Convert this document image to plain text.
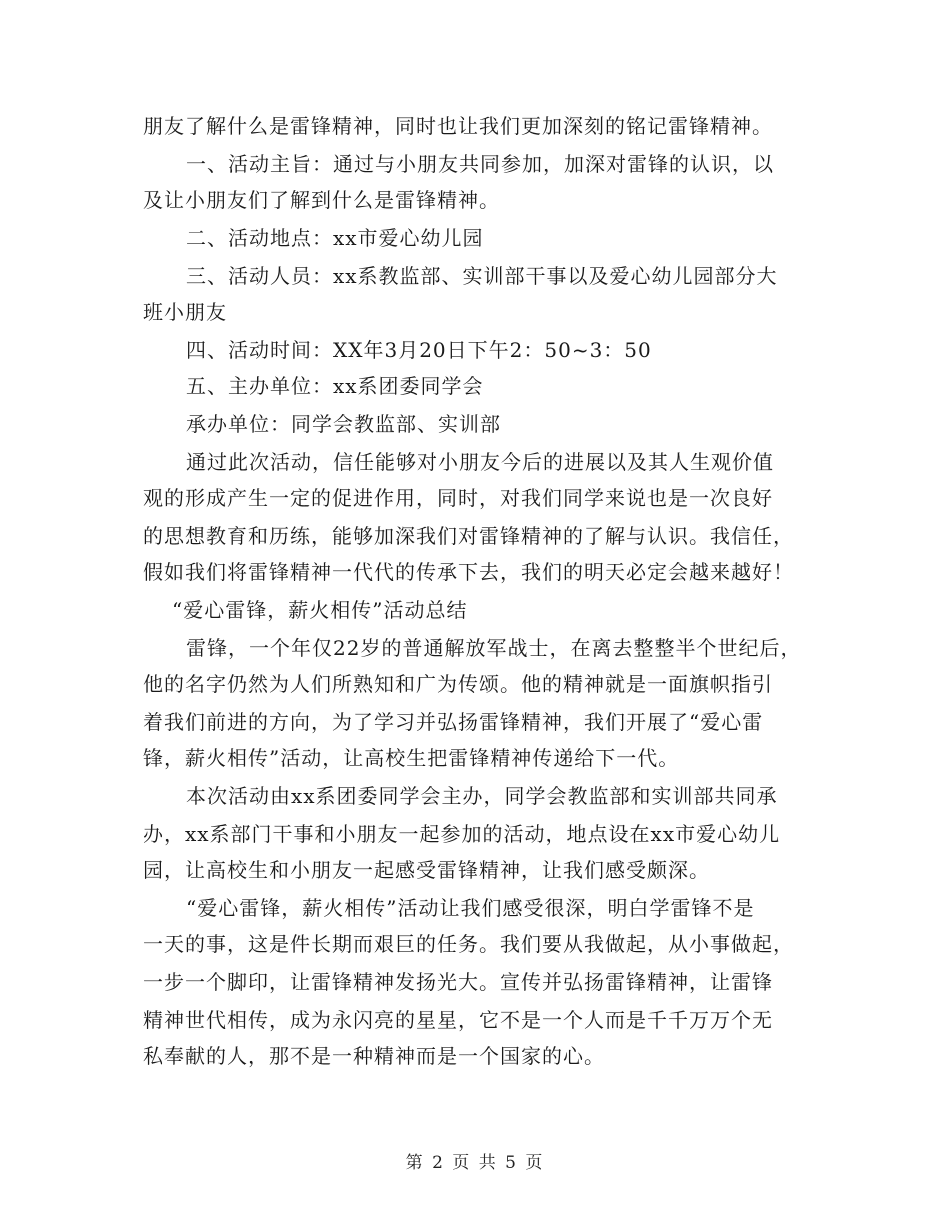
朋友了解什么是雷锋精神，同时也让我们更加深刻的铭记雷锋精神。
一、活动主旨：通过与小朋友共同参加，加深对雷锋的认识，以
及让小朋友们了解到什么是雷锋精神。
二、活动地点：xx市爱心幼儿园
三、活动人员：xx系教监部、实训部干事以及爱心幼儿园部分大
班小朋友
四、活动时间：XX年3月20日下午2：50~3：50
五、主办单位：xx系团委同学会
承办单位：同学会教监部、实训部
通过此次活动，信任能够对小朋友今后的进展以及其人生观价值
观的形成产生一定的促进作用，同时，对我们同学来说也是一次良好
的思想教育和历练，能够加深我们对雷锋精神的了解与认识。我信任，
假如我们将雷锋精神一代代的传承下去，我们的明天必定会越来越好！
“爱心雷锋，薪火相传”活动总结
雷锋，一个年仅22岁的普通解放军战士，在离去整整半个世纪后，
他的名字仍然为人们所熟知和广为传颂。他的精神就是一面旗帜指引
着我们前进的方向，为了学习并弘扬雷锋精神，我们开展了“爱心雷
锋，薪火相传”活动，让高校生把雷锋精神传递给下一代。
本次活动由xx系团委同学会主办，同学会教监部和实训部共同承
办，xx系部门干事和小朋友一起参加的活动，地点设在xx市爱心幼儿
园，让高校生和小朋友一起感受雷锋精神，让我们感受颇深。
“爱心雷锋，薪火相传”活动让我们感受很深，明白学雷锋不是
一天的事，这是件长期而艰巨的任务。我们要从我做起，从小事做起，
一步一个脚印，让雷锋精神发扬光大。宣传并弘扬雷锋精神，让雷锋
精神世代相传，成为永闪亮的星星，它不是一个人而是千千万万个无
私奉献的人，那不是一种精神而是一个国家的心。
第 2 页 共 5 页
